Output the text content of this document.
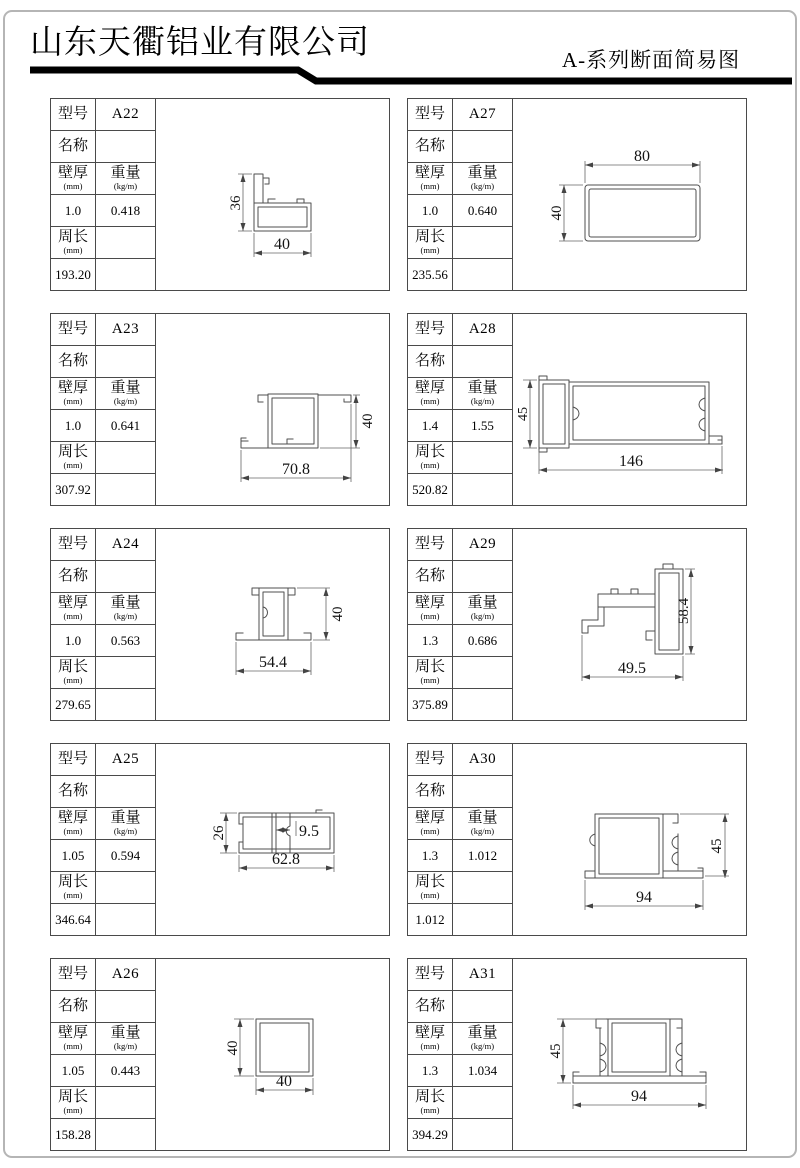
山东天衢铝业有限公司	A-系列断面简易图
型号 A22
名称
壁厚
(mm)
重量
(kg/m)
1.0 0.418
周长
(mm)
193.20
36
40
型号 A27
名称
壁厚
(mm)
重量
(kg/m)
1.0 0.640
周长
(mm)
235.56
80
40
型号 A23
名称
壁厚
(mm)
重量
(kg/m)
1.0 0.641
周长
(mm)
307.92
40
70.8
型号 A28
名称
壁厚
(mm)
重量
(kg/m)
1.4	1.55
周长
(mm)
520.82
45
146
型号 A24
名称
壁厚
(mm)
重量
(kg/m)
1.0 0.563
周长
(mm)
279.65
40
54.4
型号 A29
名称
壁厚
(mm)
重量
(kg/m)
1.3 0.686
周长
(mm)
375.89
58.4
49.5
型号 A25
名称
壁厚
(mm)
重量
(kg/m)
1.05 0.594
周长
(mm)
346.64
26	9.5
62.8
型号 A30
名称
壁厚
(mm)
重量
(kg/m)
1.3 1.012
周长
(mm)
1.012
45
94
型号 A26
名称
壁厚
(mm)
重量
(kg/m)
1.05 0.443
周长
(mm)
158.28
40
40
型号 A31
名称
壁厚
(mm)
重量
(kg/m)
1.3 1.034
周长
(mm)
394.29
45
94
